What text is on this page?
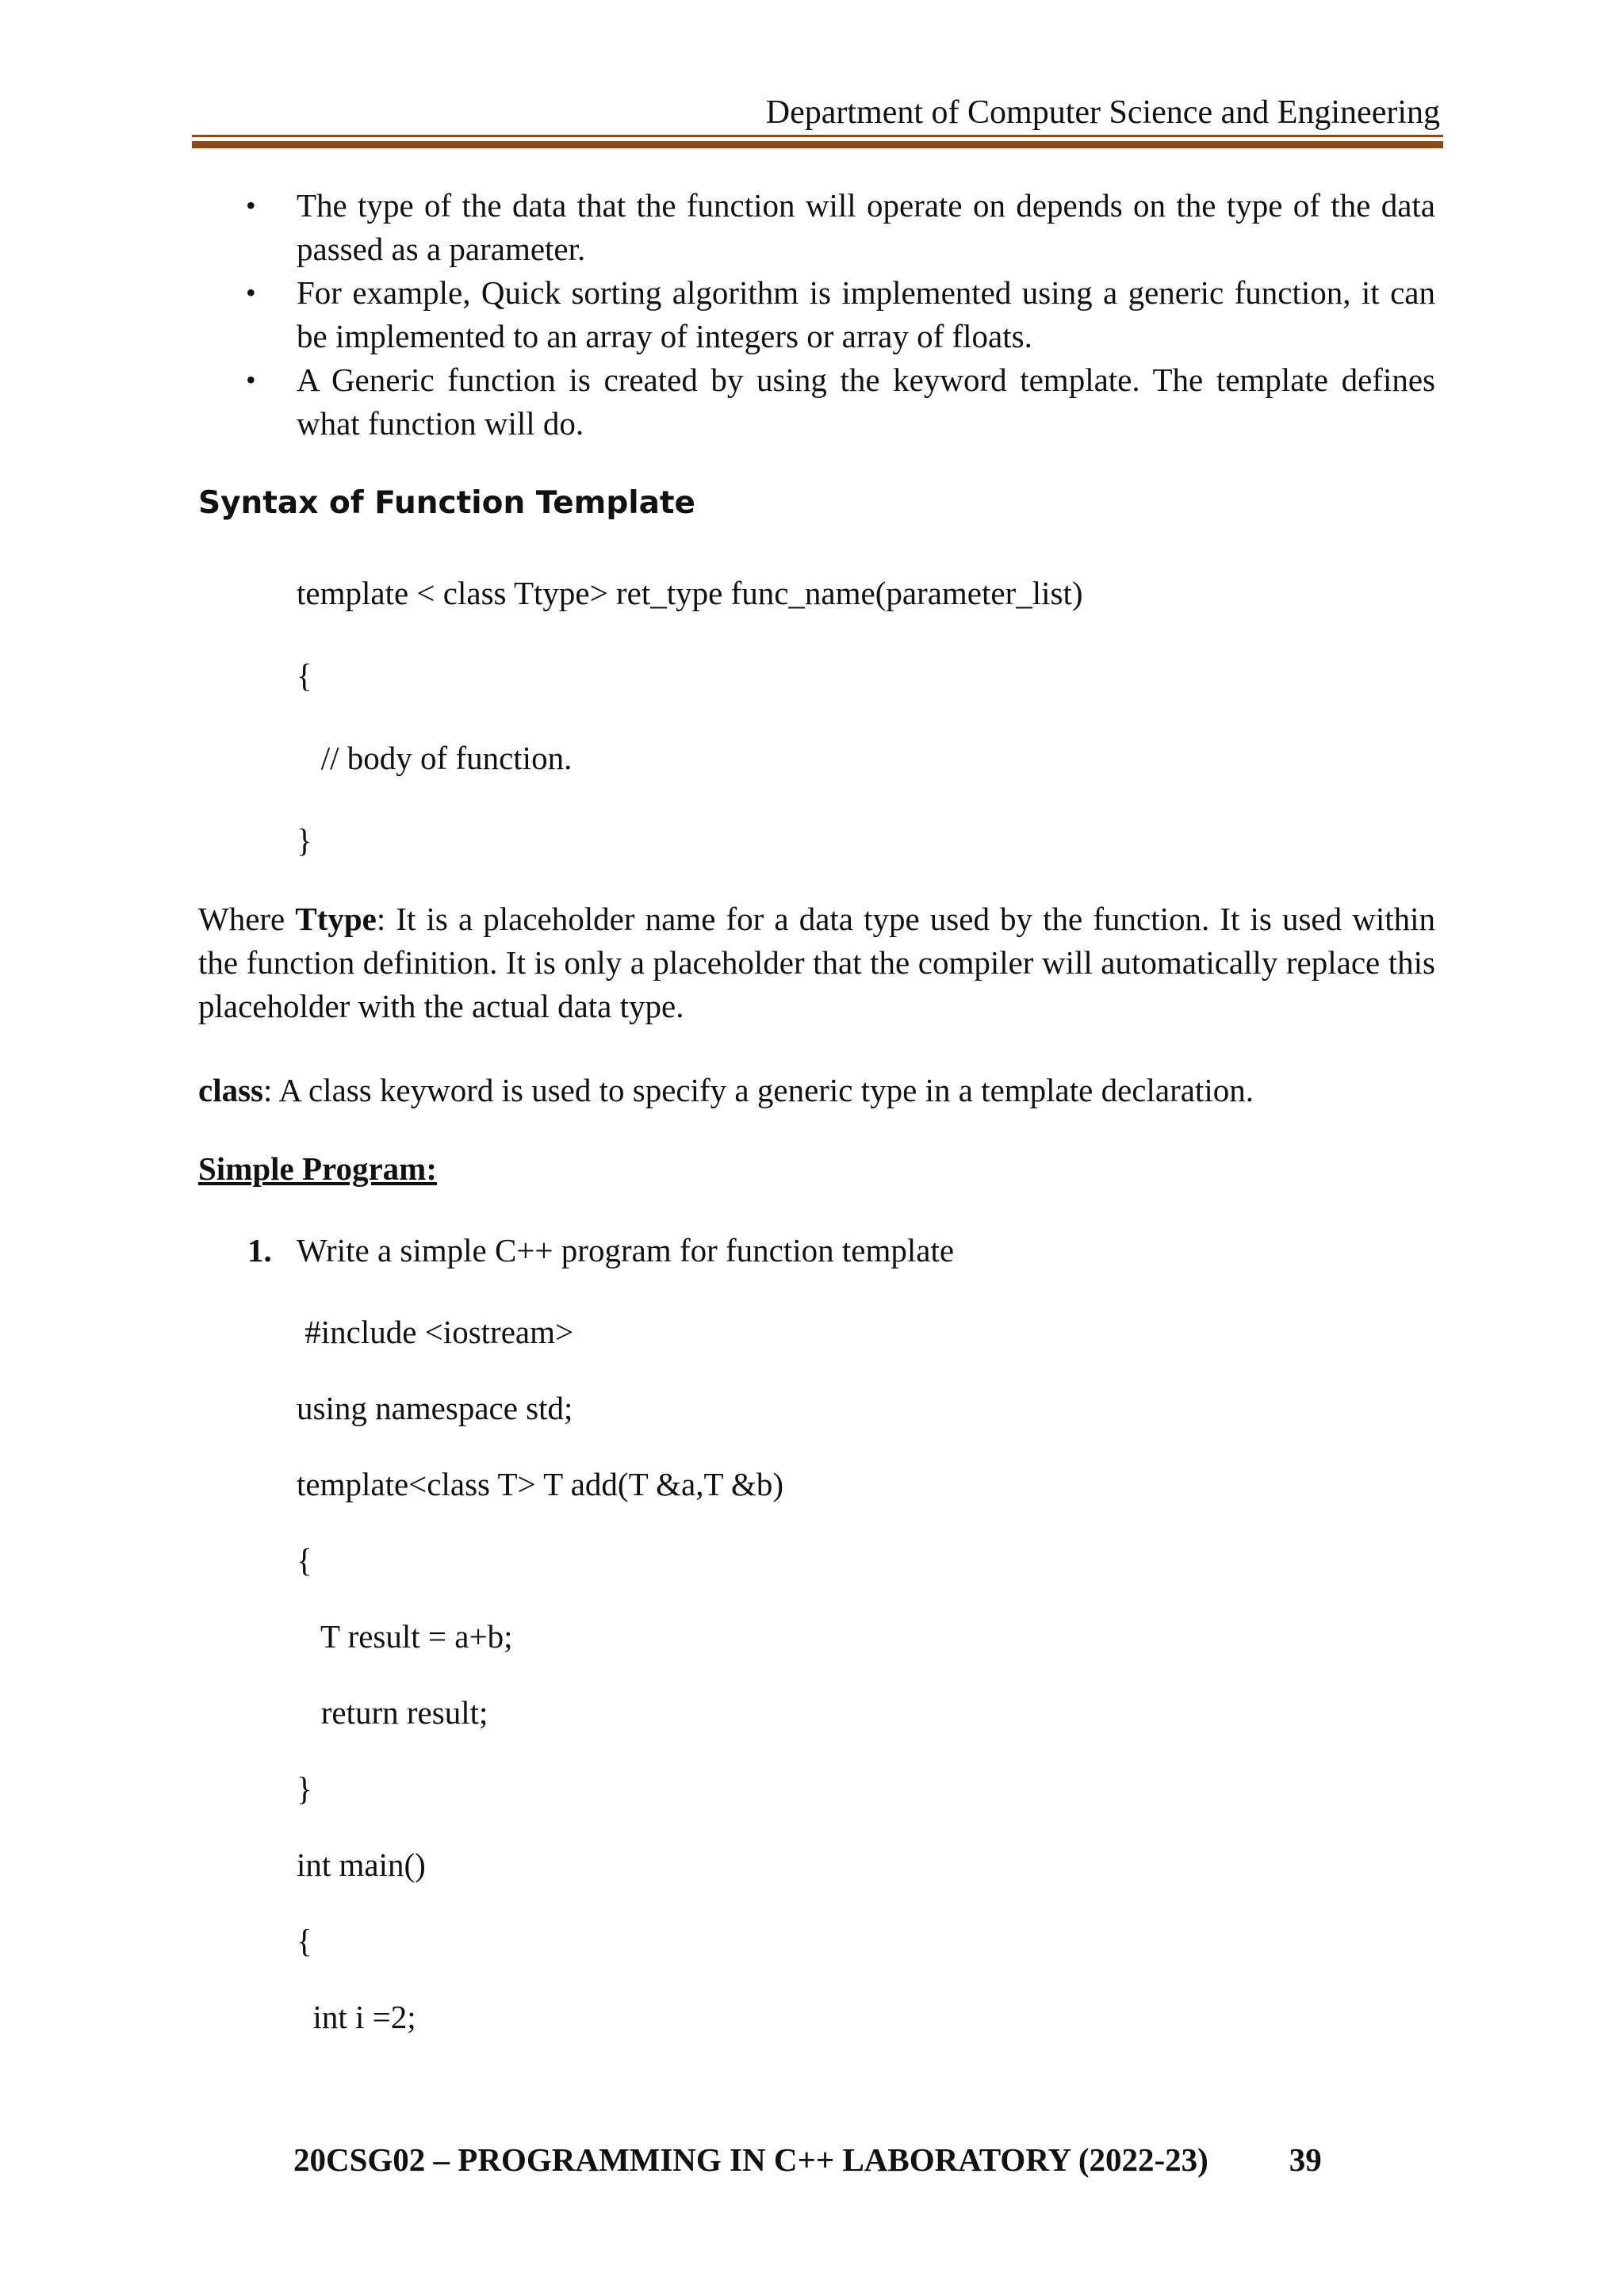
Department of Computer Science and Engineering
• The type of the data that the function will operate on depends on the type of the data passed as a parameter.
• For example, Quick sorting algorithm is implemented using a generic function, it can be implemented to an array of integers or array of floats.
• A Generic function is created by using the keyword template. The template defines what function will do.
Syntax of Function Template
template < class Ttype> ret_type func_name(parameter_list)
{
// body of function.
}
Where Ttype: It is a placeholder name for a data type used by the function. It is used within the function definition. It is only a placeholder that the compiler will automatically replace this placeholder with the actual data type.
class: A class keyword is used to specify a generic type in a template declaration.
Simple Program:
1. Write a simple C++ program for function template
#include <iostream>
using namespace std;
template<class T> T add(T &a,T &b)
{
T result = a+b;
return result;
}
int main()
{
int i =2;
20CSG02 – PROGRAMMING IN C++ LABORATORY (2022-23) 39
